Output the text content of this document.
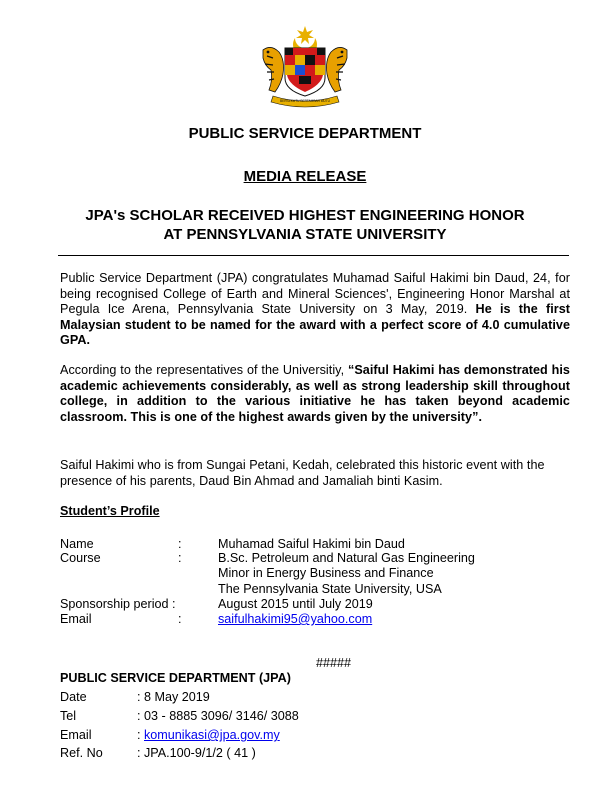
BERSEKUTU BERTAMBAH MUTU
PUBLIC SERVICE DEPARTMENT
MEDIA RELEASE
JPA's SCHOLAR RECEIVED HIGHEST ENGINEERING HONOR
AT PENNSYLVANIA STATE UNIVERSITY
Public Service Department (JPA) congratulates Muhamad Saiful Hakimi bin Daud, 24, for being recognised College of Earth and Mineral Sciences', Engineering Honor Marshal at Pegula Ice Arena, Pennsylvania State University on 3 May, 2019. He is the first Malaysian student to be named for the award with a perfect score of 4.0 cumulative GPA.
According to the representatives of the Universitiy, “Saiful Hakimi has demonstrated his academic achievements considerably, as well as strong leadership skill throughout college, in addition to the various initiative he has taken beyond academic classroom. This is one of the highest awards given by the university”.
Saiful Hakimi who is from Sungai Petani, Kedah, celebrated this historic event with the presence of his parents, Daud Bin Ahmad and Jamaliah binti Kasim.
Student’s Profile
Name	:	Muhamad Saiful Hakimi bin Daud
Course	:	B.Sc. Petroleum and Natural Gas Engineering
Minor in Energy Business and Finance
The Pennsylvania State University, USA
Sponsorship period :	August 2015 until July 2019
Email	:	saifulhakimi95@yahoo.com
#####
PUBLIC SERVICE DEPARTMENT (JPA)
Date	: 8 May 2019
Tel	: 03 - 8885 3096/ 3146/ 3088
Email	: komunikasi@jpa.gov.my
Ref. No	: JPA.100-9/1/2 ( 41 )
